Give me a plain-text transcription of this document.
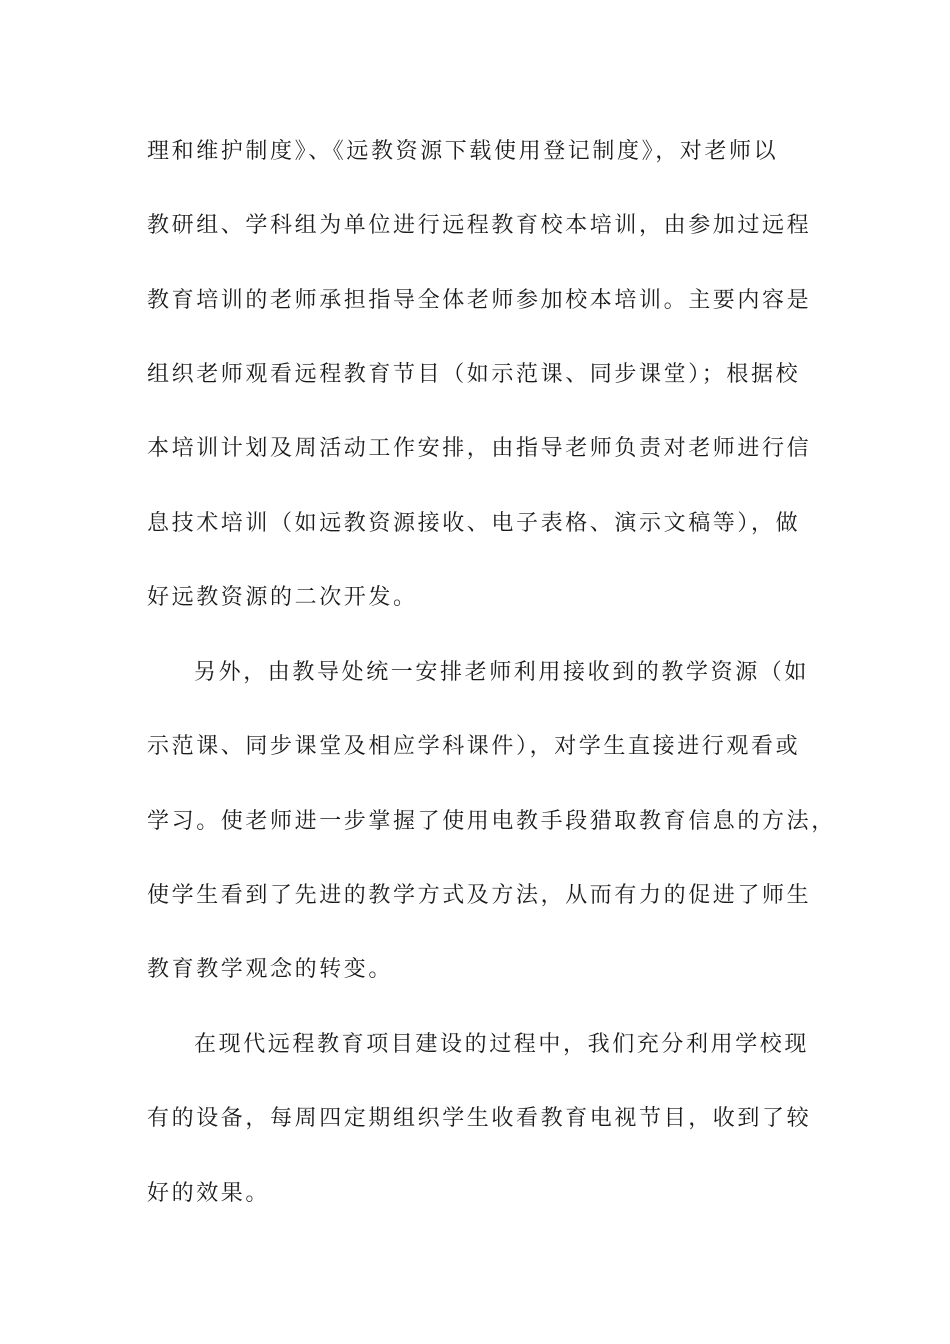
理和维护制度》、《远教资源下载使用登记制度》，对老师以
教研组、学科组为单位进行远程教育校本培训，由参加过远程
教育培训的老师承担指导全体老师参加校本培训。主要内容是
组织老师观看远程教育节目（如示范课、同步课堂）；根据校
本培训计划及周活动工作安排，由指导老师负责对老师进行信
息技术培训（如远教资源接收、电子表格、演示文稿等），做
好远教资源的二次开发。
另外，由教导处统一安排老师利用接收到的教学资源（如
示范课、同步课堂及相应学科课件），对学生直接进行观看或
学习。使老师进一步掌握了使用电教手段猎取教育信息的方法，
使学生看到了先进的教学方式及方法，从而有力的促进了师生
教育教学观念的转变。
在现代远程教育项目建设的过程中，我们充分利用学校现
有的设备，每周四定期组织学生收看教育电视节目，收到了较
好的效果。
